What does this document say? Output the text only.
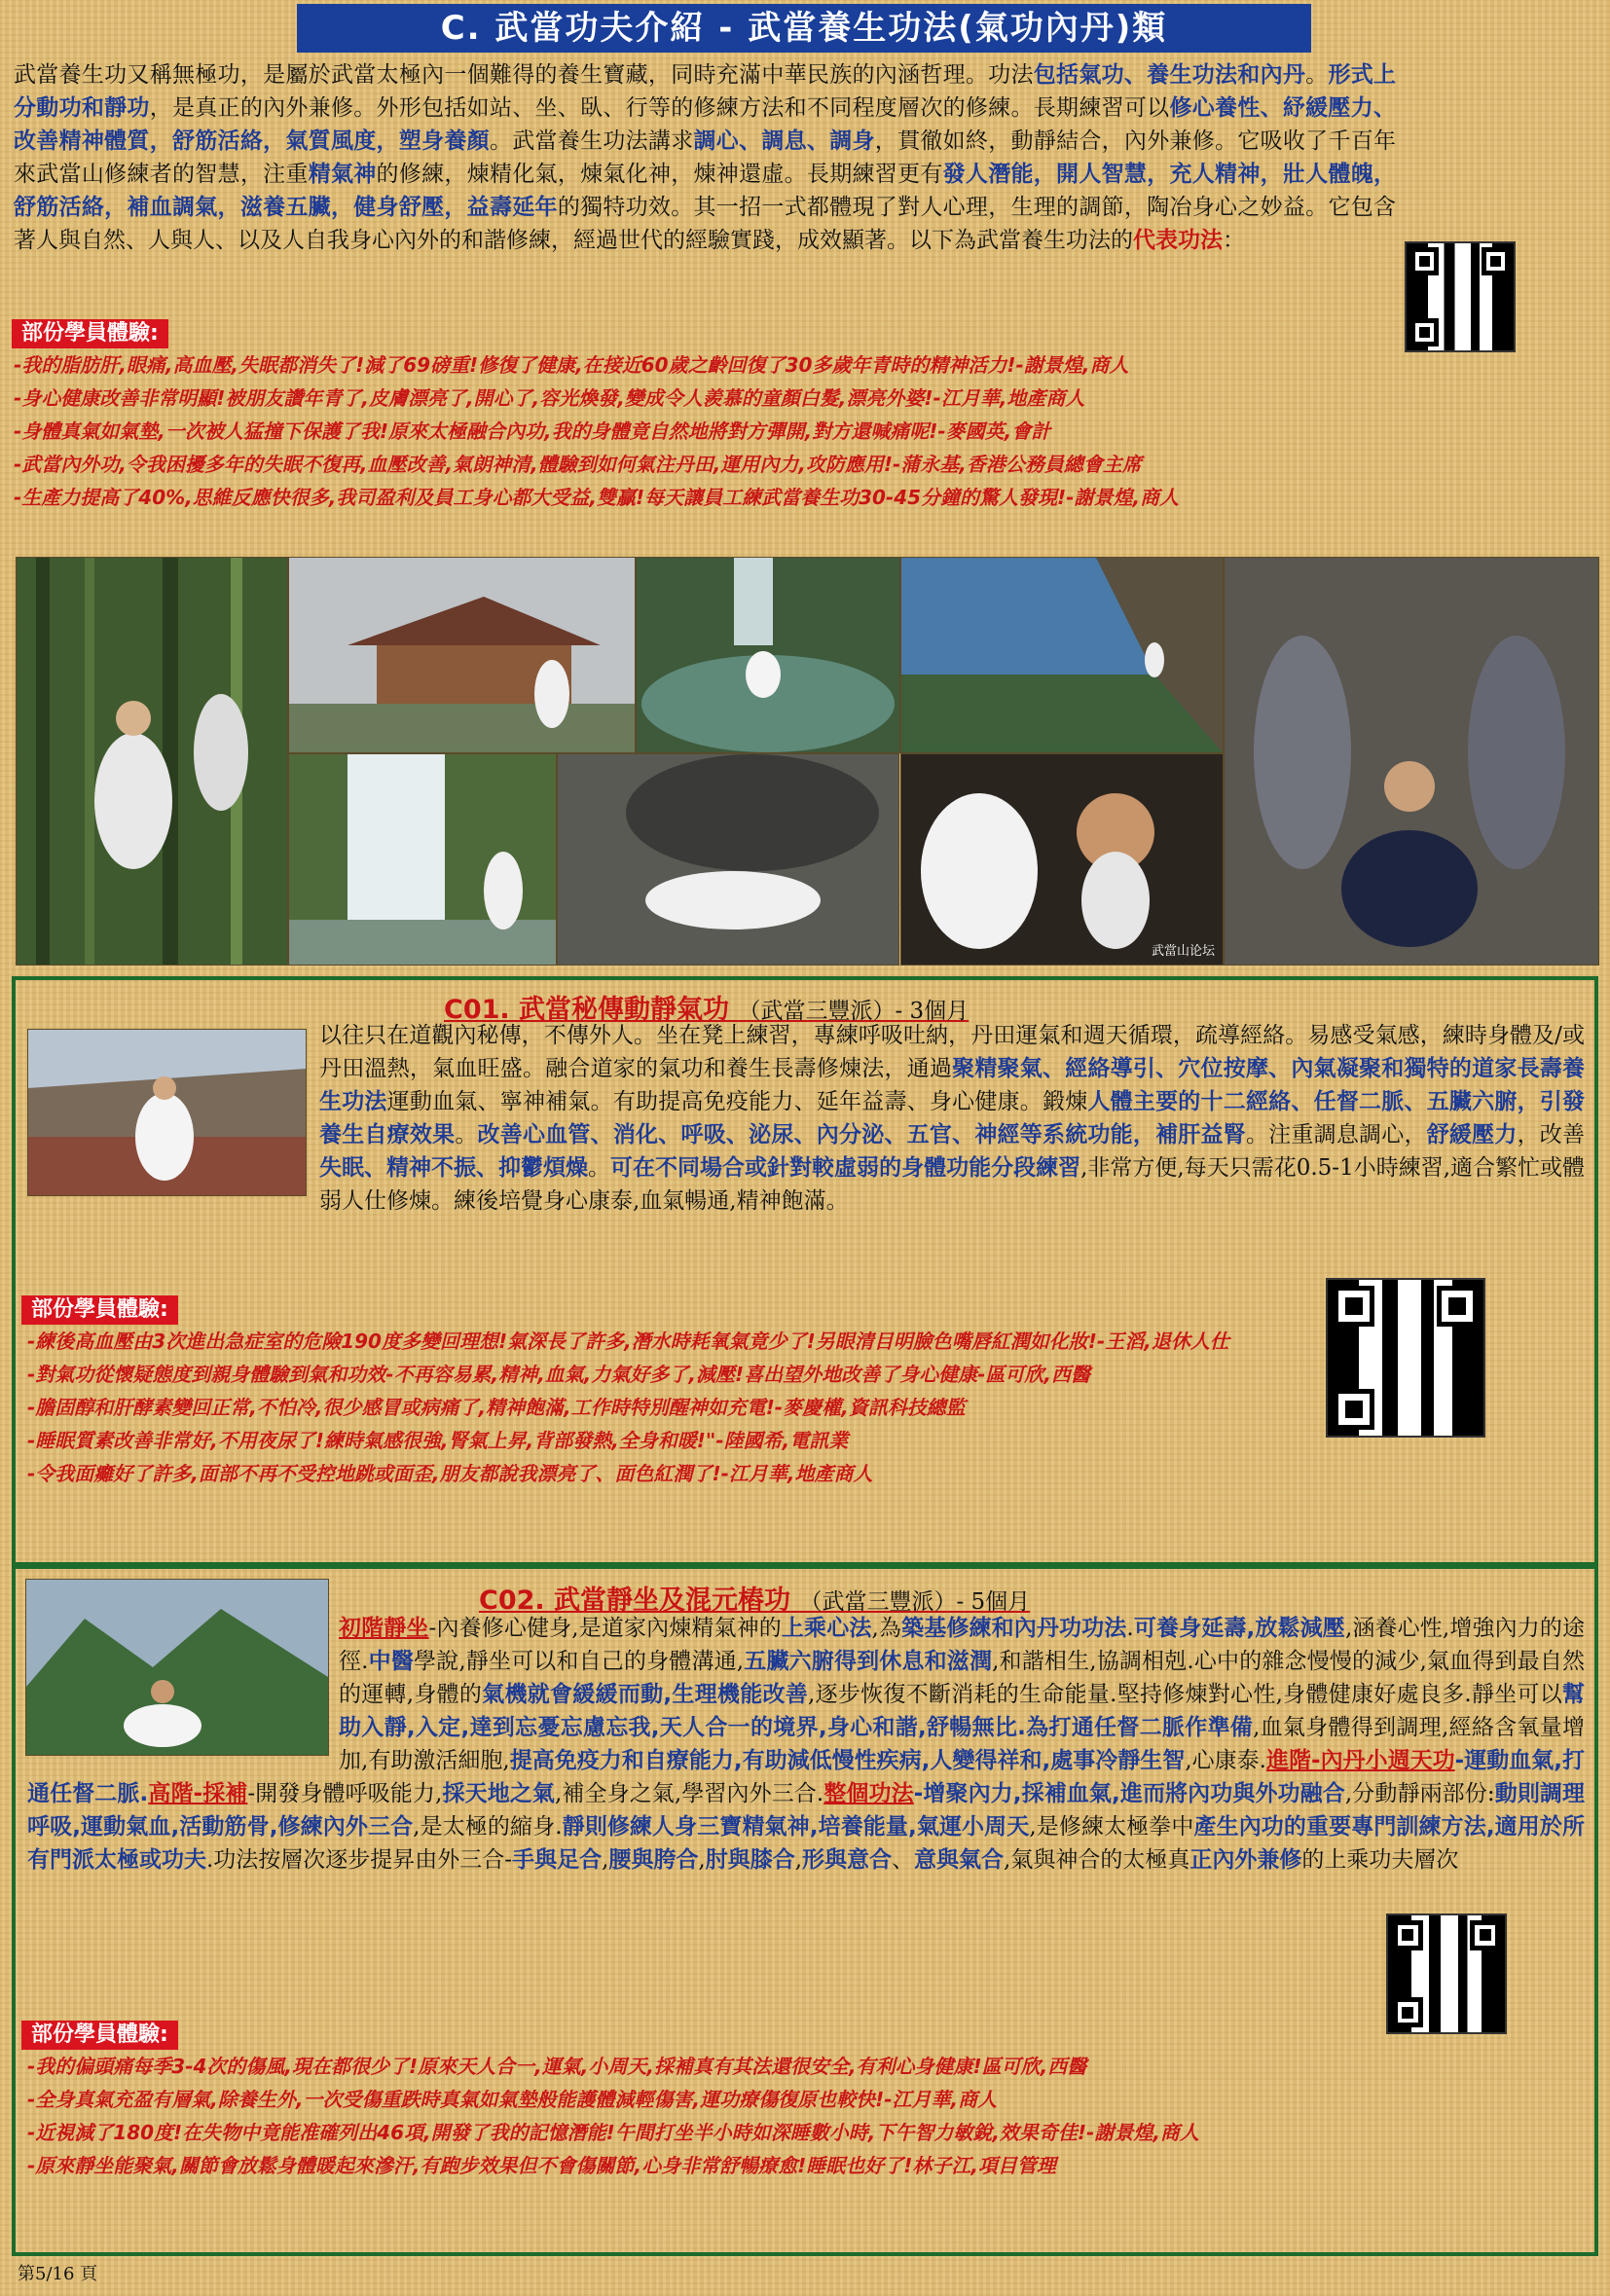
C. 武當功夫介紹 - 武當養生功法(氣功內丹)類
武當養生功又稱無極功，是屬於武當太極內一個難得的養生寶藏，同時充滿中華民族的內涵哲理。功法包括氣功、養生功法和內丹。形式上分動功和靜功，是真正的內外兼修。外形包括如站、坐、臥、行等的修練方法和不同程度層次的修練。長期練習可以修心養性、紓緩壓力、改善精神體質，舒筋活絡，氣質風度，塑身養顏。武當養生功法講求調心、調息、調身，貫徹如終，動靜結合，內外兼修。它吸收了千百年來武當山修練者的智慧，注重精氣神的修練，煉精化氣，煉氣化神，煉神還虛。長期練習更有發人潛能，開人智慧，充人精神，壯人體魄，舒筋活絡，補血調氣，滋養五臟，健身舒壓，益壽延年的獨特功效。其一招一式都體現了對人心理，生理的調節，陶冶身心之妙益。它包含著人與自然、人與人、以及人自我身心內外的和諧修練，經過世代的經驗實踐，成效顯著。以下為武當養生功法的代表功法：
部份學員體驗:
-我的脂肪肝,眼痛,高血壓,失眠都消失了!減了69磅重!修復了健康,在接近60歲之齡回復了30多歲年青時的精神活力!-謝景煌,商人
-身心健康改善非常明顯!被朋友讚年青了,皮膚漂亮了,開心了,容光煥發,變成令人羨慕的童顏白髮,漂亮外婆!-江月華,地產商人
-身體真氣如氣墊,一次被人猛撞下保護了我!原來太極融合內功,我的身體竟自然地將對方彈開,對方還喊痛呢!-麥國英,會計
-武當內外功,令我困擾多年的失眠不復再,血壓改善,氣朗神清,體驗到如何氣注丹田,運用內力,攻防應用!-蒲永基,香港公務員總會主席
-生產力提高了40%,思維反應快很多,我司盈利及員工身心都大受益,雙贏!每天讓員工練武當養生功30-45分鐘的驚人發現!-謝景煌,商人
武當山论坛
C01. 武當秘傳動靜氣功 （武當三豐派）- 3個月
以往只在道觀內秘傳，不傳外人。坐在凳上練習，專練呼吸吐納，丹田運氣和週天循環，疏導經絡。易感受氣感，練時身體及/或丹田溫熱，氣血旺盛。融合道家的氣功和養生長壽修煉法，通過聚精聚氣、經絡導引、穴位按摩、內氣凝聚和獨特的道家長壽養生功法運動血氣、寧神補氣。有助提高免疫能力、延年益壽、身心健康。鍛煉人體主要的十二經絡、任督二脈、五臟六腑，引發養生自療效果。改善心血管、消化、呼吸、泌尿、內分泌、五官、神經等系統功能，補肝益腎。注重調息調心，舒緩壓力，改善失眠、精神不振、抑鬱煩燥。可在不同場合或針對較虛弱的身體功能分段練習,非常方便,每天只需花0.5-1小時練習,適合繁忙或體弱人仕修煉。練後培覺身心康泰,血氣暢通,精神飽滿。
部份學員體驗:
-練後高血壓由3次進出急症室的危險190度多變回理想!氣深長了許多,潛水時耗氧氣竟少了!另眼清目明臉色嘴唇紅潤如化妝!-王滔,退休人仕
-對氣功從懷疑態度到親身體驗到氣和功效-不再容易累,精神,血氣,力氣好多了,減壓!喜出望外地改善了身心健康-區可欣,西醫
-膽固醇和肝酵素變回正常,不怕冷,很少感冒或病痛了,精神飽滿,工作時特別醒神如充電!-麥慶權,資訊科技總監
-睡眠質素改善非常好,不用夜尿了!練時氣感很強,腎氣上昇,背部發熱,全身和暖!"-陸國希,電訊業
-令我面癱好了許多,面部不再不受控地跳或面歪,朋友都說我漂亮了、面色紅潤了!-江月華,地產商人
C02. 武當靜坐及混元樁功 （武當三豐派）- 5個月
初階靜坐-內養修心健身,是道家內煉精氣神的上乘心法,為築基修練和內丹功功法.可養身延壽,放鬆減壓,涵養心性,增強內力的途徑.中醫學說,靜坐可以和自己的身體溝通,五臟六腑得到休息和滋潤,和諧相生,協調相剋.心中的雜念慢慢的減少,氣血得到最自然的運轉,身體的氣機就會緩緩而動,生理機能改善,逐步恢復不斷消耗的生命能量.堅持修煉對心性,身體健康好處良多.靜坐可以幫助入靜,入定,達到忘憂忘慮忘我,天人合一的境界,身心和諧,舒暢無比.為打通任督二脈作準備,血氣身體得到調理,經絡含氧量增加,有助激活細胞,提高免疫力和自療能力,有助減低慢性疾病,人變得祥和,處事冷靜生智,心康泰.進階-內丹小週天功-運動血氣,打通任督二脈.高階-採補-開發身體呼吸能力,採天地之氣,補全身之氣,學習內外三合.整個功法-增聚內力,採補血氣,進而將內功與外功融合,分動靜兩部份:動則調理呼吸,運動氣血,活動筋骨,修練內外三合,是太極的縮身.靜則修練人身三寶精氣神,培養能量,氣運小周天,是修練太極拳中產生內功的重要專門訓練方法,適用於所有門派太極或功夫.功法按層次逐步提昇由外三合-手與足合,腰與胯合,肘與膝合,形與意合、意與氣合,氣與神合的太極真正內外兼修的上乘功夫層次
部份學員體驗:
-我的偏頭痛每季3-4次的傷風,現在都很少了!原來天人合一,運氣,小周天,採補真有其法還很安全,有利心身健康!區可欣,西醫
-全身真氣充盈有層氣,除養生外,一次受傷重跌時真氣如氣墊般能護體減輕傷害,運功療傷復原也較快!-江月華,商人
-近視減了180度!在失物中竟能准確列出46項,開發了我的記憶潛能!午間打坐半小時如深睡數小時,下午智力敏銳,效果奇佳!-謝景煌,商人
-原來靜坐能聚氣,關節會放鬆身體暖起來滲汗,有跑步效果但不會傷關節,心身非常舒暢療愈!睡眠也好了!林子江,項目管理
第5/16 頁
